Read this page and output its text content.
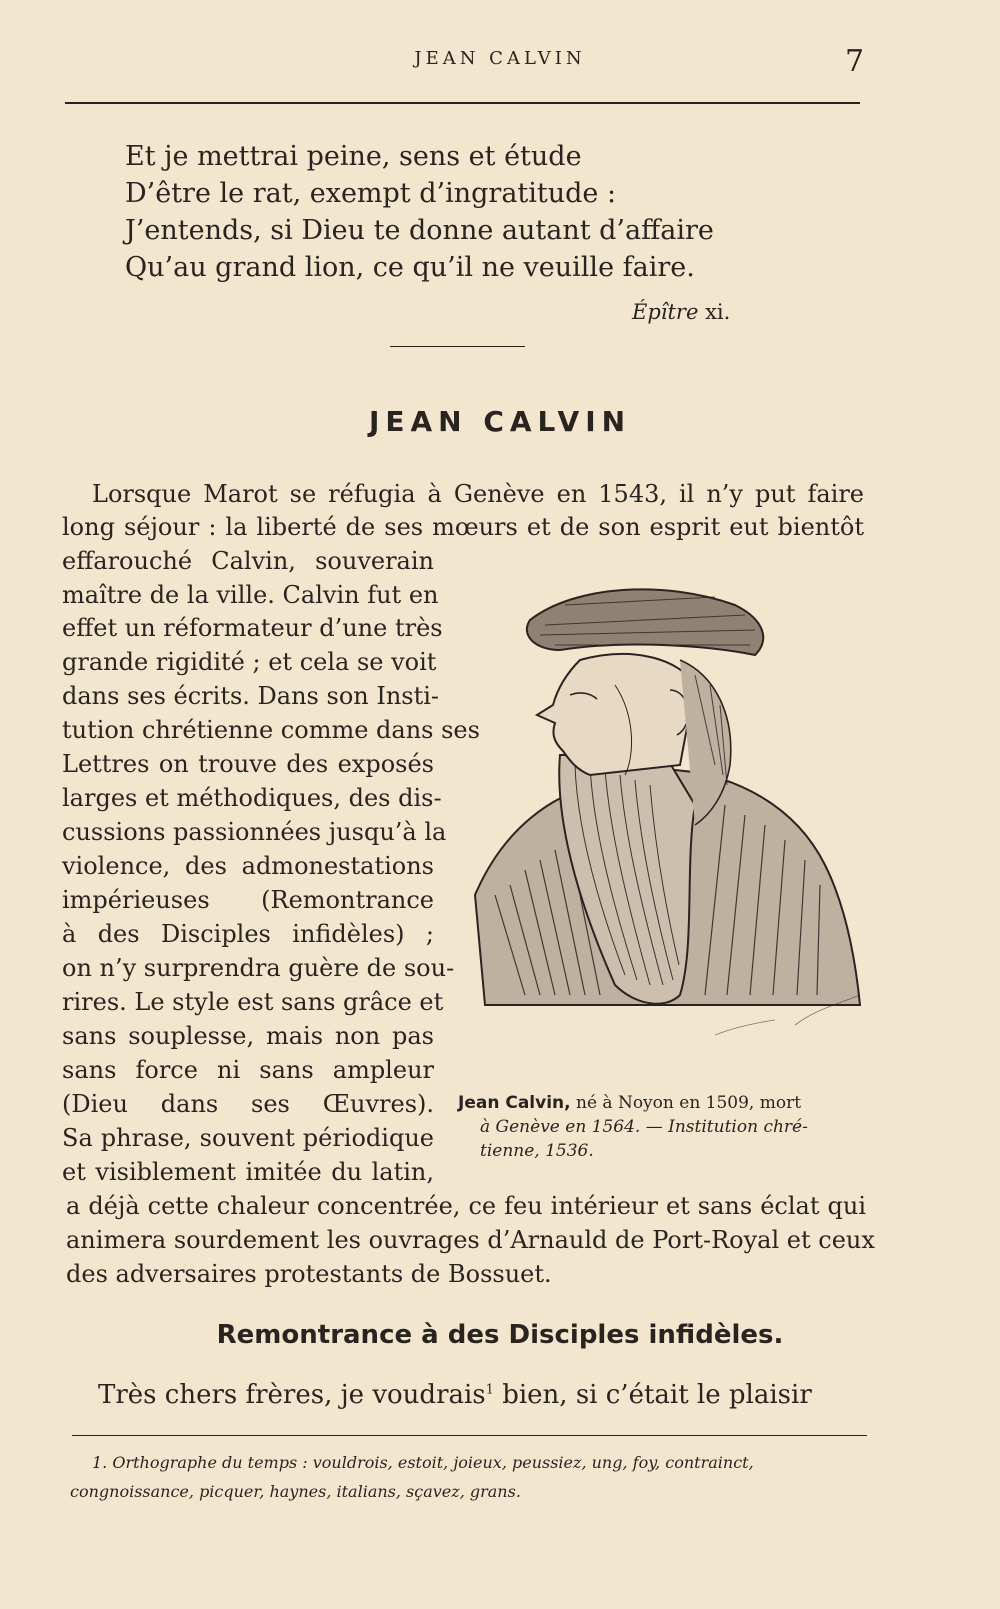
JEAN CALVIN	7
Et je mettrai peine, sens et étude
D’être le rat, exempt d’ingratitude :
J’entends, si Dieu te donne autant d’affaire
Qu’au grand lion, ce qu’il ne veuille faire.
Épître xi.
JEAN CALVIN
Lorsque Marot se réfugia à Genève en 1543, il n’y put faire
long séjour : la liberté de ses mœurs et de son esprit eut bientôt
effarouché Calvin, souverain
maître de la ville. Calvin fut en
effet un réformateur d’une très
grande rigidité ; et cela se voit
dans ses écrits. Dans son Insti-
tution chrétienne comme dans ses
Lettres on trouve des exposés
larges et méthodiques, des dis-
cussions passionnées jusqu’à la
violence, des admonestations
impérieuses (Remontrance
à des Disciples infidèles) ;
on n’y surprendra guère de sou-
rires. Le style est sans grâce et
sans souplesse, mais non pas
sans force ni sans ampleur
(Dieu dans ses Œuvres).
Sa phrase, souvent périodique
et visiblement imitée du latin,
a déjà cette chaleur concentrée, ce feu intérieur et sans éclat qui
animera sourdement les ouvrages d’Arnauld de Port-Royal et ceux
des adversaires protestants de Bossuet.
Jean Calvin, né à Noyon en 1509, mort
à Genève en 1564. — Institution chré-
tienne, 1536.
Remontrance à des Disciples infidèles.
Très chers frères, je voudrais$^1$ bien, si c’était le plaisir
1. Orthographe du temps : vouldrois, estoit, joieux, peussiez, ung, foy, contrainct,
congnoissance, picquer, haynes, italians, sçavez, grans.
